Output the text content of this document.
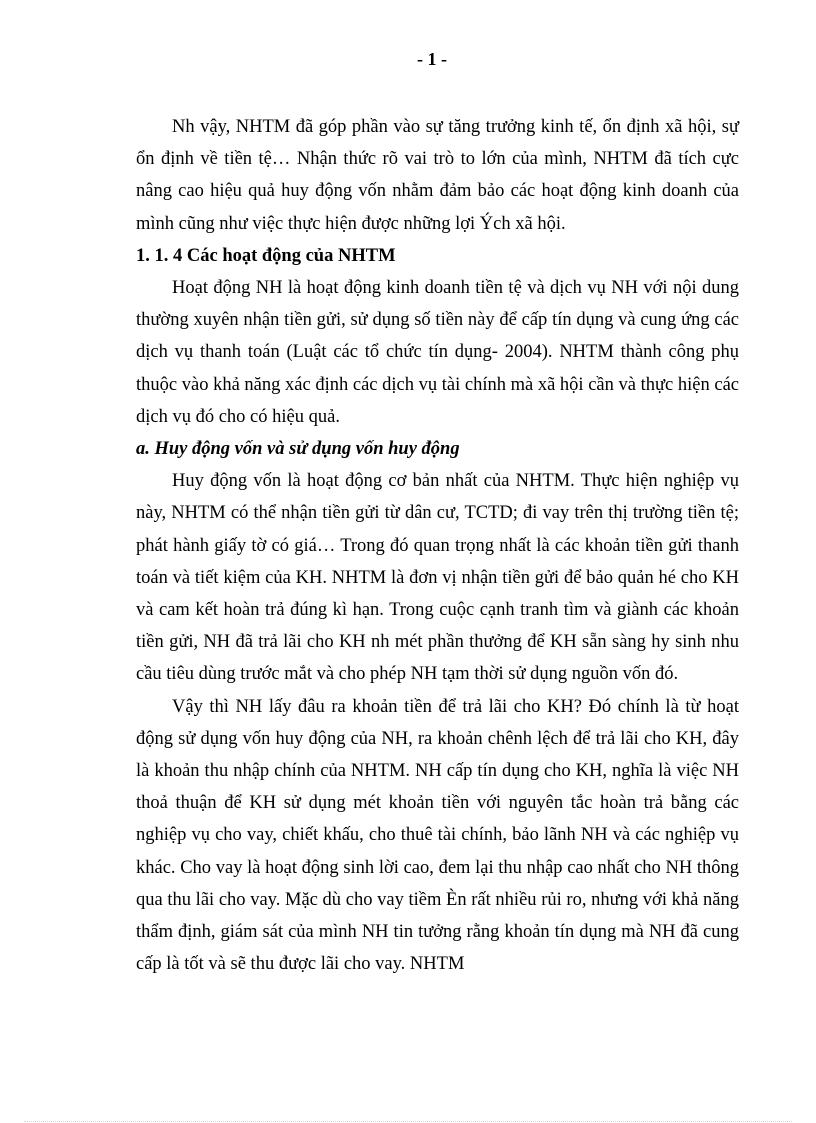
- 1 -

Nh vậy, NHTM đã góp phần vào sự tăng trưởng kinh tế, ổn định xã hội, sự ổn định về tiền tệ… Nhận thức rõ vai trò to lớn của mình, NHTM đã tích cực nâng cao hiệu quả huy động vốn nhằm đảm bảo các hoạt động kinh doanh của mình cũng như việc thực hiện được những lợi Ých xã hội.

1. 1. 4 Các hoạt động của NHTM

Hoạt động NH là hoạt động kinh doanh tiền tệ và dịch vụ NH với nội dung thường xuyên nhận tiền gửi, sử dụng số tiền này để cấp tín dụng và cung ứng các dịch vụ thanh toán (Luật các tổ chức tín dụng- 2004). NHTM thành công phụ thuộc vào khả năng xác định các dịch vụ tài chính mà xã hội cần và thực hiện các dịch vụ đó cho có hiệu quả.

a. Huy động vốn và sử dụng vốn huy động

Huy động vốn là hoạt động cơ bản nhất của NHTM. Thực hiện nghiệp vụ này, NHTM có thể nhận tiền gửi từ dân cư, TCTD; đi vay trên thị trường tiền tệ; phát hành giấy tờ có giá… Trong đó quan trọng nhất là các khoản tiền gửi thanh toán và tiết kiệm của KH. NHTM là đơn vị nhận tiền gửi để bảo quản hé cho KH và cam kết hoàn trả đúng kì hạn. Trong cuộc cạnh tranh tìm và giành các khoản tiền gửi, NH đã trả lãi cho KH nh mét phần thưởng để KH sẵn sàng hy sinh nhu cầu tiêu dùng trước mắt và cho phép NH tạm thời sử dụng nguồn vốn đó.

Vậy thì NH lấy đâu ra khoản tiền để trả lãi cho KH? Đó chính là từ hoạt động sử dụng vốn huy động của NH, ra khoản chênh lệch để trả lãi cho KH, đây là khoản thu nhập chính của NHTM. NH cấp tín dụng cho KH, nghĩa là việc NH thoả thuận để KH sử dụng mét khoản tiền với nguyên tắc hoàn trả bằng các nghiệp vụ cho vay, chiết khấu, cho thuê tài chính, bảo lãnh NH và các nghiệp vụ khác. Cho vay là hoạt động sinh lời cao, đem lại thu nhập cao nhất cho NH thông qua thu lãi cho vay. Mặc dù cho vay tiềm Èn rất nhiều rủi ro, nhưng với khả năng thẩm định, giám sát của mình NH tin tưởng rằng khoản tín dụng mà NH đã cung cấp là tốt và sẽ thu được lãi cho vay. NHTM
